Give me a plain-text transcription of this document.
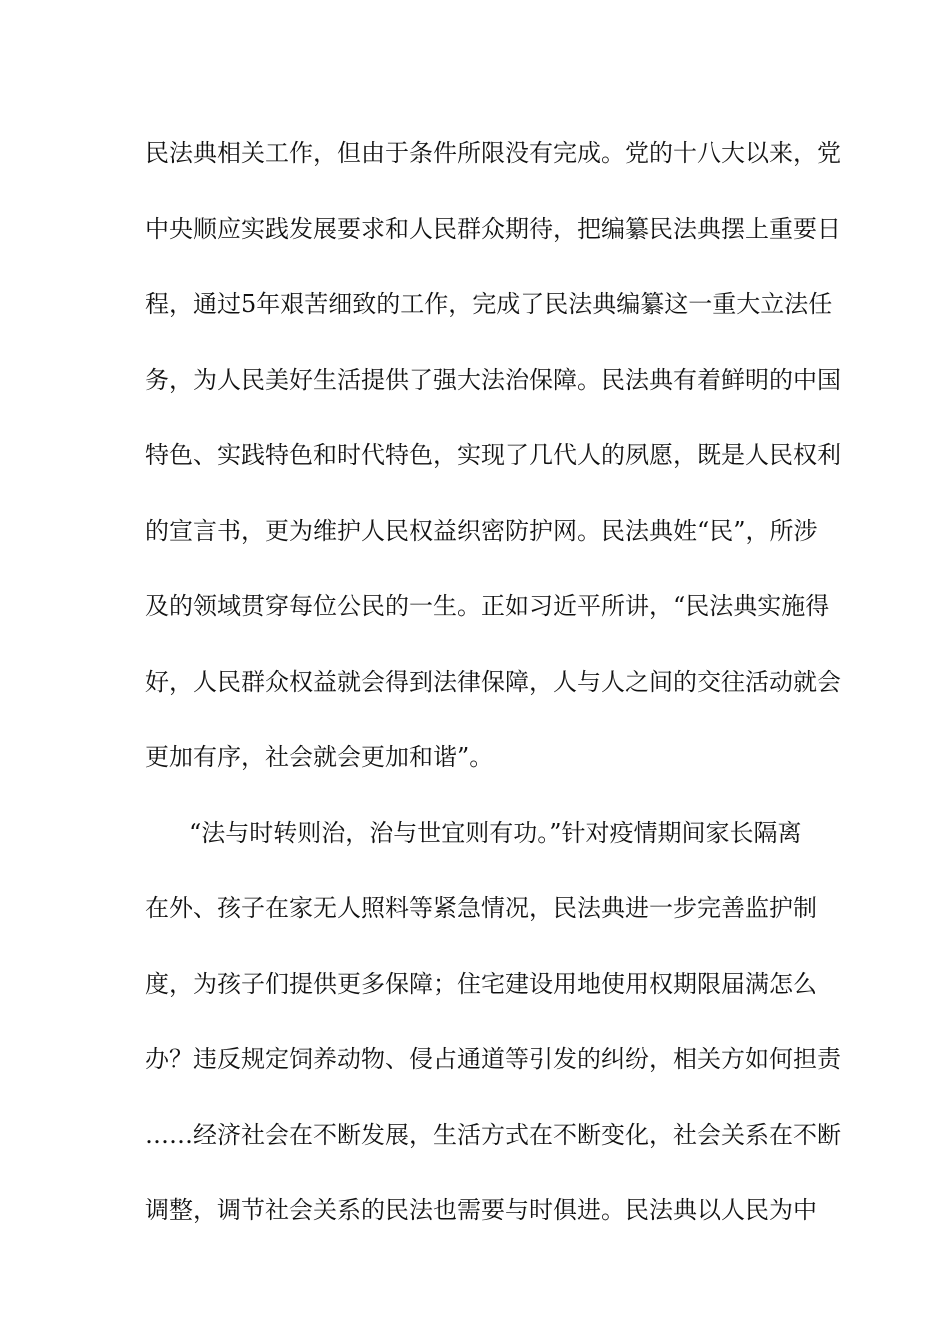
民法典相关工作，但由于条件所限没有完成。党的十八大以来，党
中央顺应实践发展要求和人民群众期待，把编纂民法典摆上重要日
程，通过5年艰苦细致的工作，完成了民法典编纂这一重大立法任
务，为人民美好生活提供了强大法治保障。民法典有着鲜明的中国
特色、实践特色和时代特色，实现了几代人的夙愿，既是人民权利
的宣言书，更为维护人民权益织密防护网。民法典姓“民”，所涉
及的领域贯穿每位公民的一生。正如习近平所讲，“民法典实施得
好，人民群众权益就会得到法律保障，人与人之间的交往活动就会
更加有序，社会就会更加和谐”。
“法与时转则治，治与世宜则有功。”针对疫情期间家长隔离
在外、孩子在家无人照料等紧急情况，民法典进一步完善监护制
度，为孩子们提供更多保障；住宅建设用地使用权期限届满怎么
办？违反规定饲养动物、侵占通道等引发的纠纷，相关方如何担责
……经济社会在不断发展，生活方式在不断变化，社会关系在不断
调整，调节社会关系的民法也需要与时俱进。民法典以人民为中
